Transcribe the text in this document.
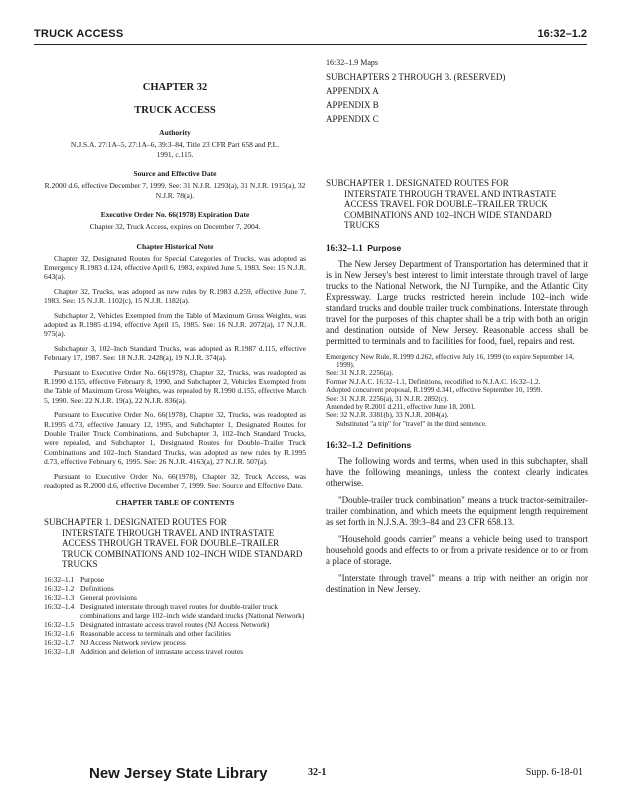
TRUCK ACCESS	16:32–1.2
CHAPTER 32
TRUCK ACCESS
Authority
N.J.S.A. 27:1A–5, 27:1A–6, 39:3–84, Title 23 CFR Part 658 and P.L. 1991, c.115.
Source and Effective Date
R.2000 d.6, effective December 7, 1999. See: 31 N.J.R. 1293(a), 31 N.J.R. 1915(a), 32 N.J.R. 78(a).
Executive Order No. 66(1978) Expiration Date
Chapter 32, Truck Access, expires on December 7, 2004.
Chapter Historical Note

Chapter 32, Designated Routes for Special Categories of Trucks, was adopted as Emergency R.1983 d.124, effective April 6, 1983, expired June 5, 1983. See: 15 N.J.R. 643(a).

Chapter 32, Trucks, was adopted as new rules by R.1983 d.259, effective June 7, 1983. See: 15 N.J.R. 1102(c), 15 N.J.R. 1182(a).

Subchapter 2, Vehicles Exempted from the Table of Maximum Gross Weights, was adopted as R.1985 d.194, effective April 15, 1985. See: 16 N.J.R. 2072(a), 17 N.J.R. 975(a).

Subchapter 3, 102–Inch Standard Trucks, was adopted as R.1987 d.115, effective February 17, 1987. See: 18 N.J.R. 2428(a), 19 N.J.R. 374(a).

Pursuant to Executive Order No. 66(1978), Chapter 32, Trucks, was readopted as R.1990 d.155, effective February 8, 1990, and Subchapter 2, Vehicles Exempted from the Table of Maximum Gross Weights, was repealed by R.1990 d.155, effective March 5, 1990. See: 22 N.J.R. 19(a), 22 N.J.R. 836(a).

Pursuant to Executive Order No. 66(1978), Chapter 32, Trucks, was readopted as R.1995 d.73, effective January 12, 1995, and Subchapter 1, Designated Routes for Double Trailer Truck Combinations, and Subchapter 3, 102–Inch Standard Trucks, were repealed, and Subchapter 1, Designated Routes for Double–Trailer Truck Combinations and 102–Inch Standard Trucks, was adopted as new rules by R.1995 d.73, effective February 6, 1995. See: 26 N.J.R. 4163(a), 27 N.J.R. 507(a).

Pursuant to Executive Order No. 66(1978), Chapter 32, Truck Access, was readopted as R.2000 d.6, effective December 7, 1999. See: Source and Effective Date.

CHAPTER TABLE OF CONTENTS
SUBCHAPTER 1. DESIGNATED ROUTES FOR
INTERSTATE THROUGH TRAVEL AND INTRASTATE ACCESS THROUGH TRAVEL FOR DOUBLE–TRAILER TRUCK COMBINATIONS AND 102–INCH WIDE STANDARD TRUCKS
16:32–1.1	Purpose
16:32–1.2	Definitions
16:32–1.3	General provisions
16:32–1.4	Designated interstate through travel routes for double-trailer truck combinations and large 102–inch wide standard trucks (National Network)
16:32–1.5	Designated intrastate access travel routes (NJ Access Network)
16:32–1.6	Reasonable access to terminals and other facilities
16:32–1.7	NJ Access Network review process
16:32–1.8	Addition and deletion of intrastate access travel routes
16:32–1.9 Maps
SUBCHAPTERS 2 THROUGH 3. (RESERVED)
APPENDIX A
APPENDIX B
APPENDIX C
SUBCHAPTER 1. DESIGNATED ROUTES FOR
INTERSTATE THROUGH TRAVEL AND INTRASTATE ACCESS TRAVEL FOR DOUBLE–TRAILER TRUCK COMBINATIONS AND 102–INCH WIDE STANDARD TRUCKS
16:32–1.1 Purpose

The New Jersey Department of Transportation has determined that it is in New Jersey's best interest to limit interstate through travel of large trucks to the National Network, the NJ Turnpike, and the Atlantic City Expressway. Large trucks restricted herein include 102–inch wide standard trucks and double trailer truck combinations. Interstate through travel for the purposes of this chapter shall be a trip with both an origin and destination outside of New Jersey. Reasonable access shall be permitted to terminals and to facilities for food, fuel, repairs and rest.

Emergency New Rule, R.1999 d.262, effective July 16, 1999 (to expire September 14, 1999).
See: 31 N.J.R. 2256(a).
Former N.J.A.C. 16:32–1.1, Definitions, recodified to N.J.A.C. 16:32–1.2.
Adopted concurrent proposal, R.1999 d.341, effective September 10, 1999.
See: 31 N.J.R. 2256(a), 31 N.J.R. 2892(c).
Amended by R.2001 d.211, effective June 18, 2001.
See: 32 N.J.R. 3381(b), 33 N.J.R. 2084(a).
Substituted "a trip" for "travel" in the third sentence.
16:32–1.2 Definitions

The following words and terms, when used in this subchapter, shall have the following meanings, unless the context clearly indicates otherwise.

"Double-trailer truck combination" means a truck tractor-semitrailer-trailer combination, and which meets the equipment length requirement as set forth in N.J.S.A. 39:3–84 and 23 CFR 658.13.

"Household goods carrier" means a vehicle being used to transport household goods and effects to or from a private residence or to or from a place of storage.

"Interstate through travel" means a trip with neither an origin nor destination in New Jersey.

New Jersey State Library	32-1	Supp. 6-18-01
